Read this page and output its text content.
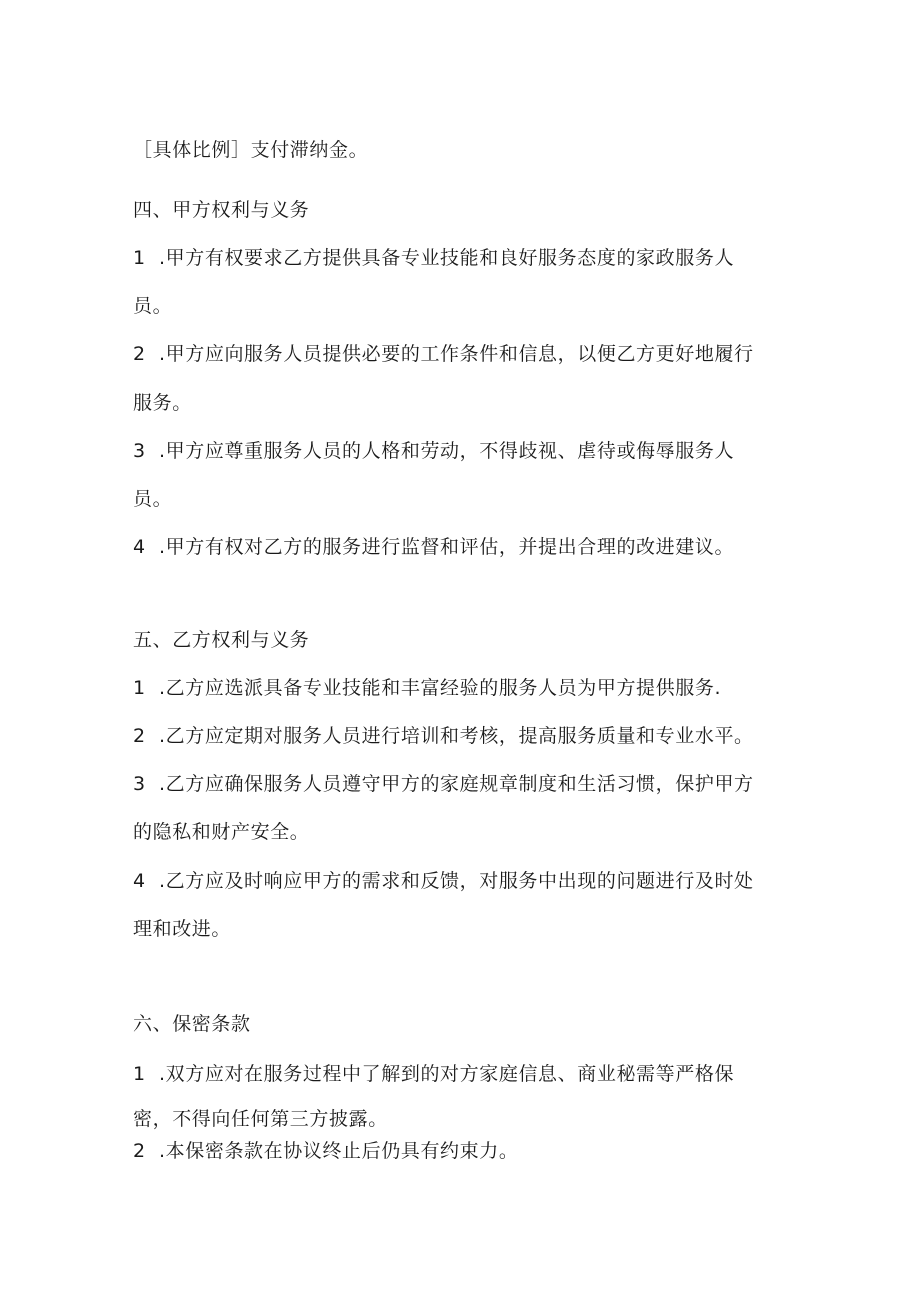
［具体比例］支付滞纳金。
四、甲方权利与义务
1 .甲方有权要求乙方提供具备专业技能和良好服务态度的家政服务人
员。
2 .甲方应向服务人员提供必要的工作条件和信息，以便乙方更好地履行
服务。
3 .甲方应尊重服务人员的人格和劳动，不得歧视、虐待或侮辱服务人
员。
4 .甲方有权对乙方的服务进行监督和评估，并提出合理的改进建议。
五、乙方权利与义务
1 .乙方应选派具备专业技能和丰富经验的服务人员为甲方提供服务.
2 .乙方应定期对服务人员进行培训和考核，提高服务质量和专业水平。
3 .乙方应确保服务人员遵守甲方的家庭规章制度和生活习惯，保护甲方
的隐私和财产安全。
4 .乙方应及时响应甲方的需求和反馈，对服务中出现的问题进行及时处
理和改进。
六、保密条款
1 .双方应对在服务过程中了解到的对方家庭信息、商业秘需等严格保
密，不得向任何第三方披露。
2 .本保密条款在协议终止后仍具有约束力。
